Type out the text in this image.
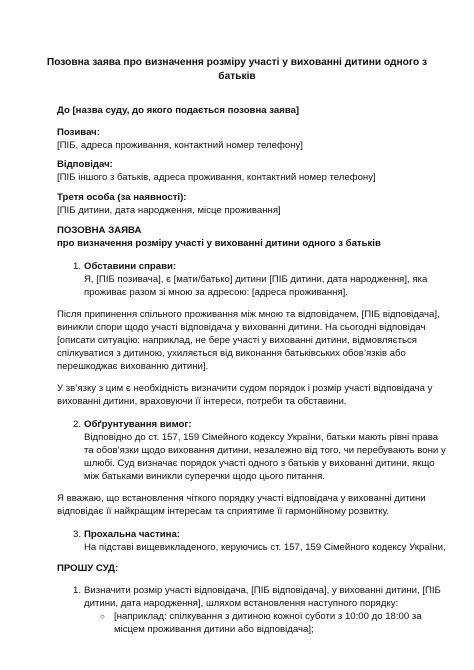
Позовна заява про визначення розміру участі у вихованні дитини одного з
батьків
До [назва суду, до якого подається позовна заява]
Позивач:
[ПІБ, адреса проживання, контактний номер телефону]
Відповідач:
[ПІБ іншого з батьків, адреса проживання, контактний номер телефону]
Третя особа (за наявності):
[ПІБ дитини, дата народження, місце проживання]
ПОЗОВНА ЗАЯВА
про визначення розміру участі у вихованні дитини одного з батьків
1. Обставини справи:
Я, [ПІБ позивача], є [мати/батько] дитини [ПІБ дитини, дата народження], яка
проживає разом зі мною за адресою: [адреса проживання].
Після припинення спільного проживання між мною та відповідачем, [ПІБ відповідача],
виникли спори щодо участі відповідача у вихованні дитини. На сьогодні відповідач
[описати ситуацію: наприклад, не бере участі у вихованні дитини, відмовляється
спілкуватися з дитиною, ухиляється від виконання батьківських обов’язків або
перешкоджає вихованню дитини].
У зв’язку з цим є необхідність визначити судом порядок і розмір участі відповідача у
вихованні дитини, враховуючи її інтереси, потреби та обставини.
2. Обґрунтування вимог:
Відповідно до ст. 157, 159 Сімейного кодексу України, батьки мають рівні права
та обов’язки щодо виховання дитини, незалежно від того, чи перебувають вони у
шлюбі. Суд визначає порядок участі одного з батьків у вихованні дитини, якщо
між батьками виникли суперечки щодо цього питання.
Я вважаю, що встановлення чіткого порядку участі відповідача у вихованні дитини
відповідає її найкращим інтересам та сприятиме її гармонійному розвитку.
3. Прохальна частина:
На підставі вищевикладеного, керуючись ст. 157, 159 Сімейного кодексу України,
ПРОШУ СУД:
1. Визначити розмір участі відповідача, [ПІБ відповідача], у вихованні дитини, [ПІБ
дитини, дата народження], шляхом встановлення наступного порядку:
○ [наприклад: спілкування з дитиною кожної суботи з 10:00 до 18:00 за
місцем проживання дитини або відповідача];
